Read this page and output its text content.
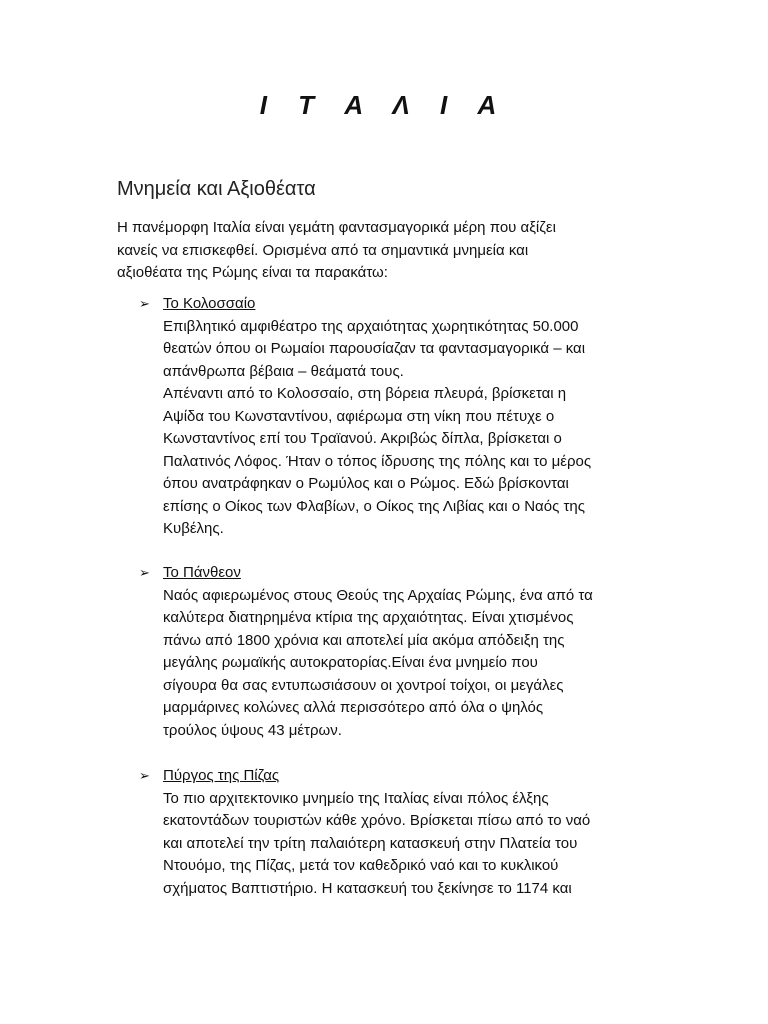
Ι Τ Α Λ Ι Α
Μνημεία και Αξιοθέατα

Η πανέμορφη Ιταλία είναι γεμάτη φαντασμαγορικά μέρη που αξίζει

κανείς να επισκεφθεί. Ορισμένα από τα σημαντικά μνημεία και

αξιοθέατα της Ρώμης είναι τα παρακάτω:

➢ Το Κολοσσαίο

Επιβλητικό αμφιθέατρο της αρχαιότητας χωρητικότητας 50.000

θεατών όπου οι Ρωμαίοι παρουσίαζαν τα φαντασμαγορικά – και

απάνθρωπα βέβαια – θεάματά τους.

Απέναντι από το Κολοσσαίο, στη βόρεια πλευρά, βρίσκεται η

Αψίδα του Κωνσταντίνου, αφιέρωμα στη νίκη που πέτυχε ο

Κωνσταντίνος επί του Τραϊανού. Ακριβώς δίπλα, βρίσκεται ο

Παλατινός Λόφος. Ήταν ο τόπος ίδρυσης της πόλης και το μέρος

όπου ανατράφηκαν ο Ρωμύλος και ο Ρώμος. Εδώ βρίσκονται

επίσης ο Οίκος των Φλαβίων, ο Οίκος της Λιβίας και ο Ναός της

Κυβέλης.

➢ Το Πάνθεον

Ναός αφιερωμένος στους Θεούς της Αρχαίας Ρώμης, ένα από τα

καλύτερα διατηρημένα κτίρια της αρχαιότητας. Είναι χτισμένος

πάνω από 1800 χρόνια και αποτελεί μία ακόμα απόδειξη της

μεγάλης ρωμαϊκής αυτοκρατορίας.Είναι ένα μνημείο που

σίγουρα θα σας εντυπωσιάσουν οι χοντροί τοίχοι, οι μεγάλες

μαρμάρινες κολώνες αλλά περισσότερο από όλα ο ψηλός

τρούλος ύψους 43 μέτρων.

➢ Πύργος της Πίζας

Το πιο αρχιτεκτονικο μνημείο της Ιταλίας είναι πόλος έλξης

εκατοντάδων τουριστών κάθε χρόνο. Βρίσκεται πίσω από το ναό

και αποτελεί την τρίτη παλαιότερη κατασκευή στην Πλατεία του

Ντουόμο, της Πίζας, μετά τον καθεδρικό ναό και το κυκλικού

σχήματος Βαπτιστήριο. Η κατασκευή του ξεκίνησε το 1174 και
